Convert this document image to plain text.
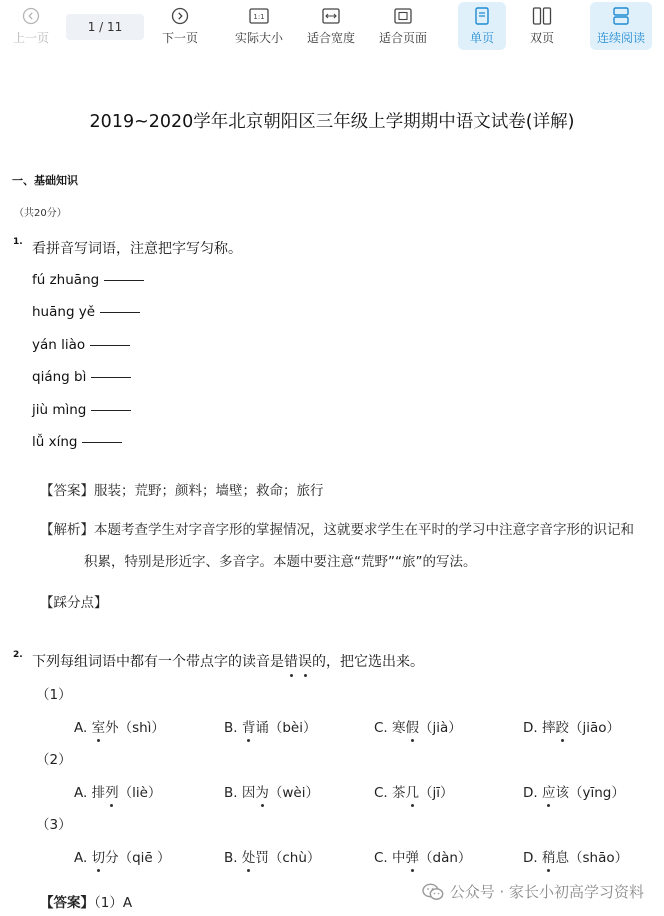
上一页
1
/ 11
下一页
1:1
实际大小 适合宽度 适合页面	单页	双页	连续阅读
2019~2020学年北京朝阳区三年级上学期期中语文试卷(详解)
一、基础知识
（共20分）
1. 看拼音写词语，注意把字写匀称。
fú zhuāng
huāng yě
yán liào
qiáng bì
jiù mìng
lǚ xíng
【答案】服装；荒野；颜料；墙壁；救命；旅行
【解析】本题考查学生对字音字形的掌握情况，这就要求学生在平时的学习中注意字音字形的识记和
积累，特别是形近字、多音字。本题中要注意“荒野”“旅”的写法。
【踩分点】
2. 下列每组词语中都有一个带点字的读音是错误的，把它选出来。
（1）
A. 室外（shì）	B. 背诵（bèi）	C. 寒假（jià）	D. 摔跤（jiāo）
（2）
A. 排列（liè）	B. 因为（wèi）	C. 茶几（jī）	D. 应该（yīng）
（3）
A. 切分（qiē ）	B. 处罚（chù）	C. 中弹（dàn）	D. 稍息（shāo）
【答案】（1）A
公众号 · 家长小初高学习资料
